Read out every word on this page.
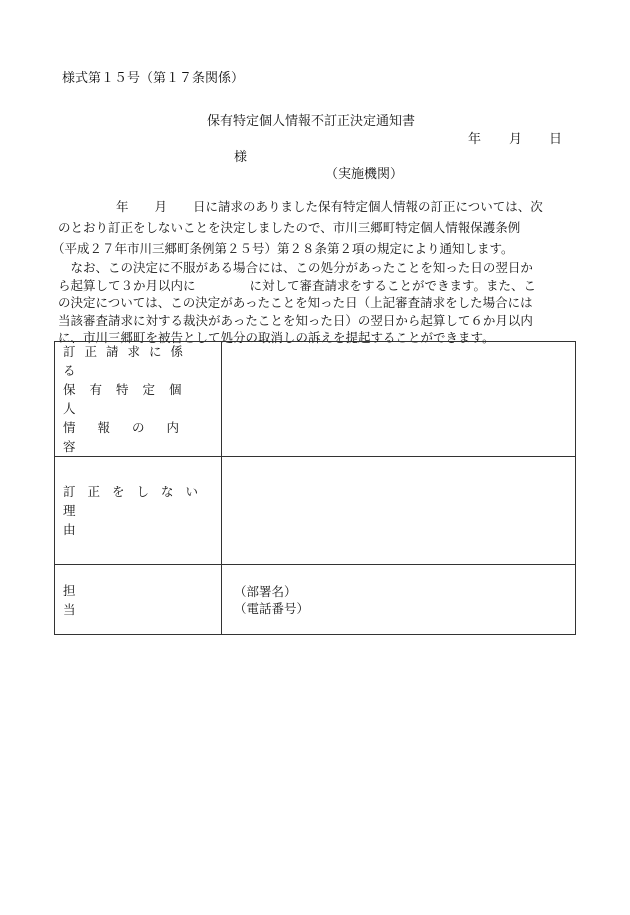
様式第１５号（第１７条関係）
保有特定個人情報不訂正決定通知書
年 月 日
様
（実施機関）
年 月 日に請求のありました保有特定個人情報の訂正については、次
のとおり訂正をしないことを決定しましたので、市川三郷町特定個人情報保護条例
（平成２７年市川三郷町条例第２５号）第２８条第２項の規定により通知します。
　なお、この決定に不服がある場合には、この処分があったことを知った日の翌日か
ら起算して３か月以内に	に対して審査請求をすることができます。また、こ
の決定については、この決定があったことを知った日（上記審査請求をした場合には
当該審査請求に対する裁決があったことを知った日）の翌日から起算して６か月以内
に、市川三郷町を被告として処分の取消しの訴えを提起することができます。
訂正請求に係る
保有特定個人
情報の内容	

訂正をしない
理由	

担当	（部署名）
（電話番号）
